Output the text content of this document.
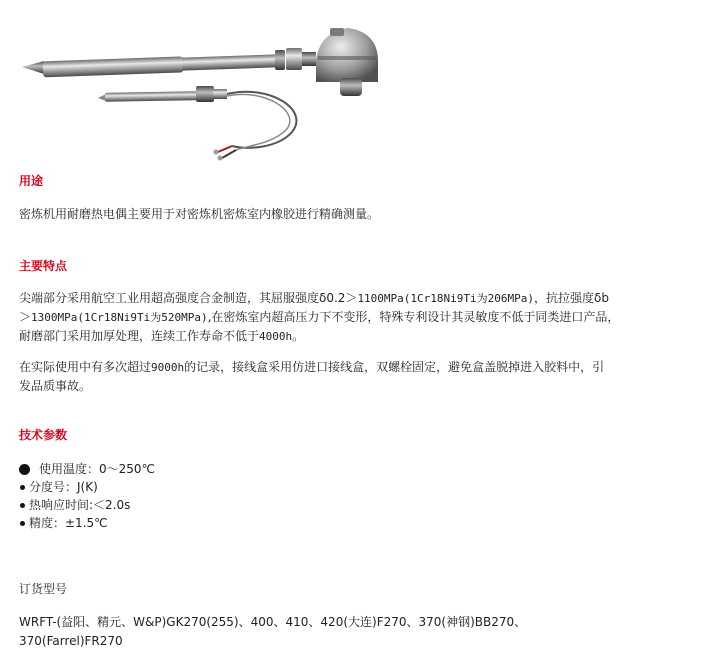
用途
密炼机用耐磨热电偶主要用于对密炼机密炼室内橡胶进行精确测量。
主要特点
尖端部分采用航空工业用超高强度合金制造，其屈服强度δ0.2＞1100MPa(1Cr18Ni9Ti为206MPa)，抗拉强度δb
＞1300MPa(1Cr18Ni9Ti为520MPa),在密炼室内超高压力下不变形，特殊专利设计其灵敏度不低于同类进口产品，
耐磨部门采用加厚处理，连续工作寿命不低于4000h。
在实际使用中有多次超过9000h的记录，接线盒采用仿进口接线盒，双螺栓固定，避免盒盖脱掉进入胶料中，引
发品质事故。
技术参数
使用温度：0～250℃
分度号：J(K)
热响应时间:＜2.0s
精度：±1.5℃
订货型号
WRFT-(益阳、精元、W&P)GK270(255)、400、410、420(大连)F270、370(神钢)BB270、
370(Farrel)FR270
